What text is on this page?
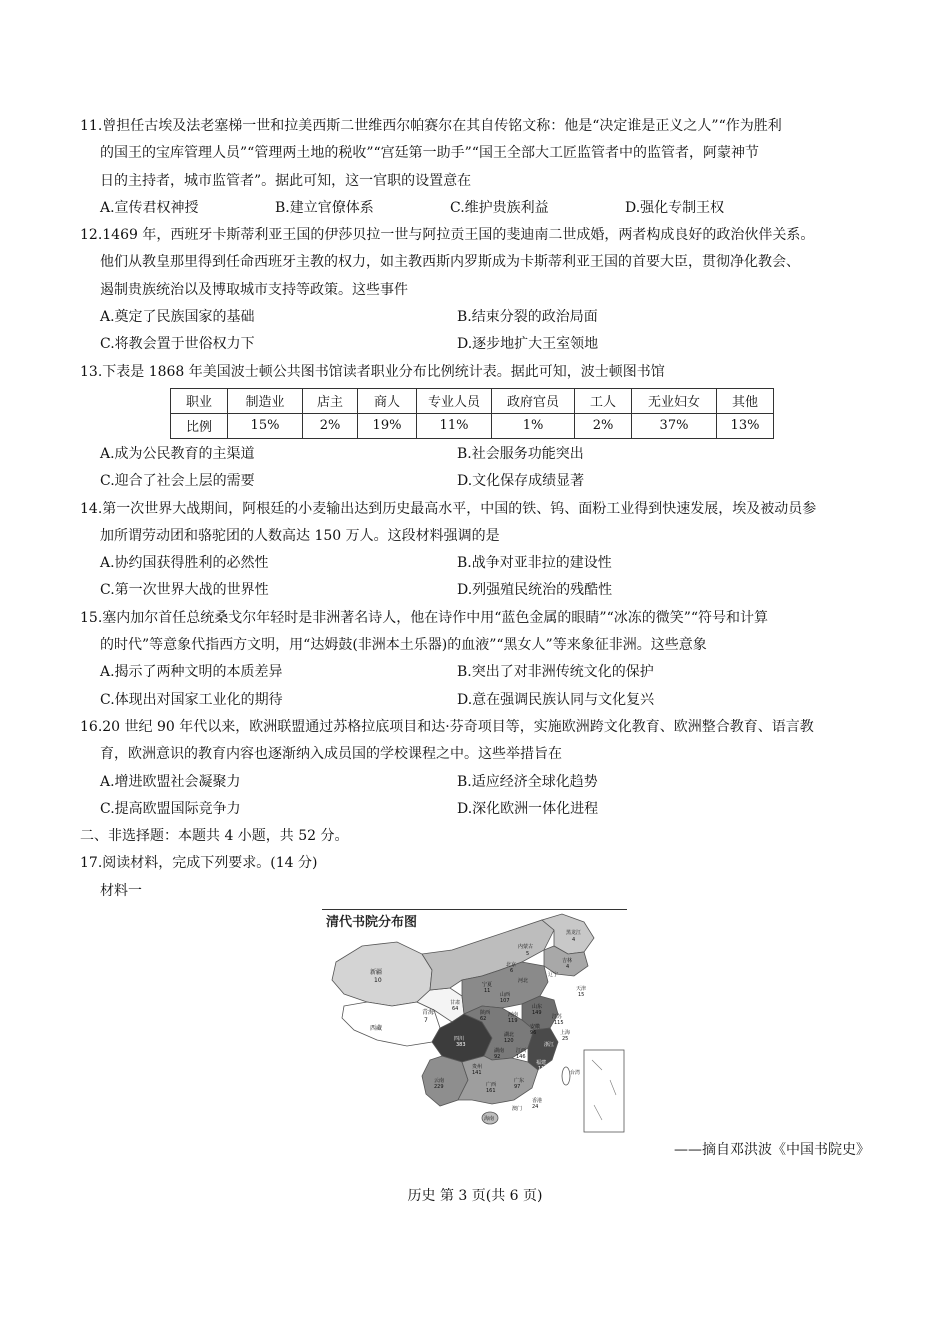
11.曾担任古埃及法老塞梯一世和拉美西斯二世维西尔帕赛尔在其自传铭文称：他是“决定谁是正义之人”“作为胜利
的国王的宝库管理人员”“管理两土地的税收”“宫廷第一助手”“国王全部大工匠监管者中的监管者，阿蒙神节
日的主持者，城市监管者”。据此可知，这一官职的设置意在
A.宣传君权神授	B.建立官僚体系	C.维护贵族利益	D.强化专制王权
12.1469 年，西班牙卡斯蒂利亚王国的伊莎贝拉一世与阿拉贡王国的斐迪南二世成婚，两者构成良好的政治伙伴关系。
他们从教皇那里得到任命西班牙主教的权力，如主教西斯内罗斯成为卡斯蒂利亚王国的首要大臣，贯彻净化教会、
遏制贵族统治以及博取城市支持等政策。这些事件
A.奠定了民族国家的基础	B.结束分裂的政治局面
C.将教会置于世俗权力下	D.逐步地扩大王室领地
13.下表是 1868 年美国波士顿公共图书馆读者职业分布比例统计表。据此可知，波士顿图书馆
职业	制造业	店主	商人	专业人员	政府官员	工人	无业妇女	其他
比例	15%	2%	19%	11%	1%	2%	37%	13%
A.成为公民教育的主渠道	B.社会服务功能突出
C.迎合了社会上层的需要	D.文化保存成绩显著
14.第一次世界大战期间，阿根廷的小麦输出达到历史最高水平，中国的铁、钨、面粉工业得到快速发展，埃及被动员参
加所谓劳动团和骆驼团的人数高达 150 万人。这段材料强调的是
A.协约国获得胜利的必然性	B.战争对亚非拉的建设性
C.第一次世界大战的世界性	D.列强殖民统治的残酷性
15.塞内加尔首任总统桑戈尔年轻时是非洲著名诗人，他在诗作中用“蓝色金属的眼睛”“冰冻的微笑”“符号和计算
的时代”等意象代指西方文明，用“达姆鼓(非洲本土乐器)的血液”“黑女人”等来象征非洲。这些意象
A.揭示了两种文明的本质差异	B.突出了对非洲传统文化的保护
C.体现出对国家工业化的期待	D.意在强调民族认同与文化复兴
16.20 世纪 90 年代以来，欧洲联盟通过苏格拉底项目和达·芬奇项目等，实施欧洲跨文化教育、欧洲整合教育、语言教
育，欧洲意识的教育内容也逐渐纳入成员国的学校课程之中。这些举措旨在
A.增进欧盟社会凝聚力	B.适应经济全球化趋势
C.提高欧盟国际竞争力	D.深化欧洲一体化进程
二、非选择题：本题共 4 小题，共 52 分。
17.阅读材料，完成下列要求。(14 分)
材料一
清代书院分布图
黑龙江
4
内蒙古
5
吉林
4
北京
6
辽宁
新疆
10
宁夏
11
甘肃
64
河北
天津
15
山西
107
山东
149
青海
7
陕西
62
河南
119
江苏
115
安徽
96
西藏
四川
383
湖北
120
上海
25
浙江
湖南
92
江西
146
贵州
141
福建
11
云南
229	广西
161
广东
97
台湾
香港
24
澳门
海南
——摘自邓洪波《中国书院史》
历史 第 3 页(共 6 页)
